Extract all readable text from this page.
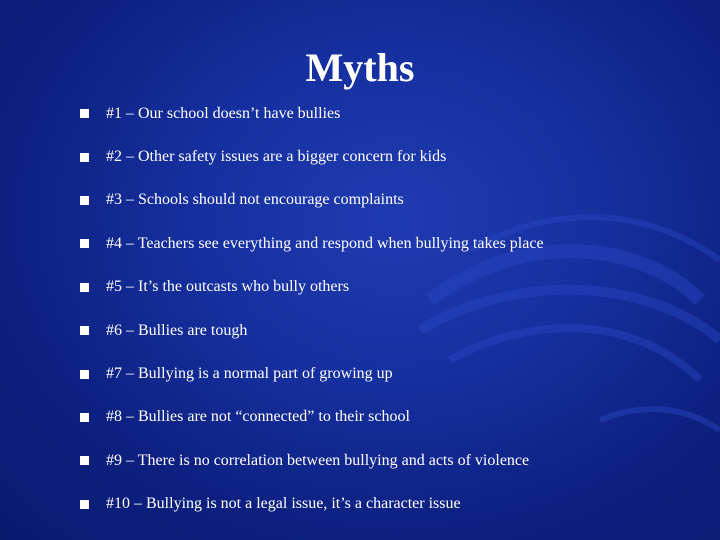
Myths
#1 – Our school doesn’t have bullies
#2 – Other safety issues are a bigger concern for kids
#3 – Schools should not encourage complaints
#4 – Teachers see everything and respond when bullying takes place
#5 – It’s the outcasts who bully others
#6 – Bullies are tough
#7 – Bullying is a normal part of growing up
#8 – Bullies are not “connected” to their school
#9 – There is no correlation between bullying and acts of violence
#10 – Bullying is not a legal issue, it’s a character issue
